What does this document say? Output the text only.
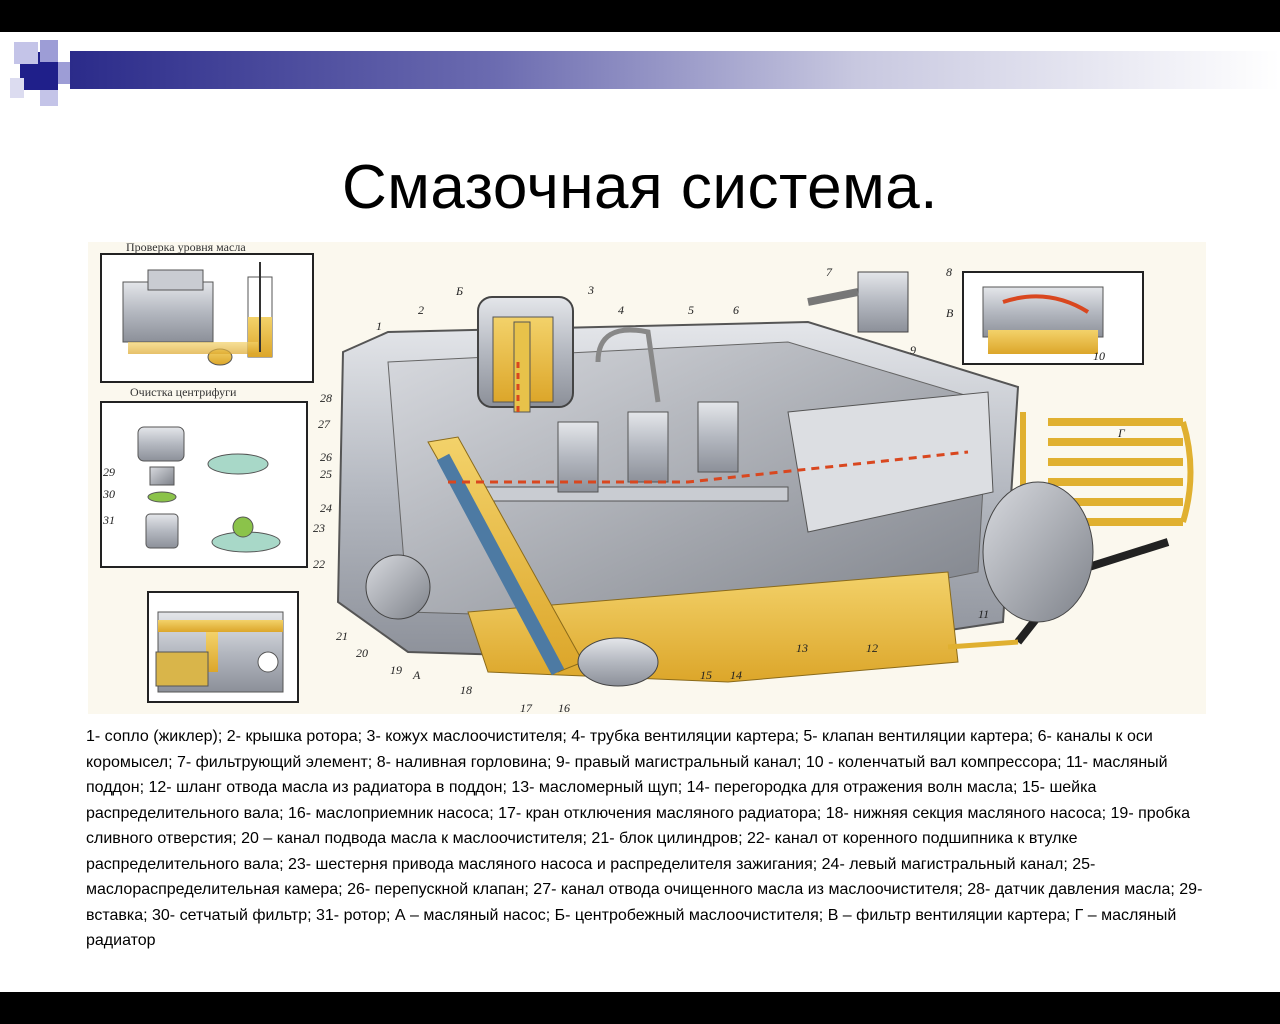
Смазочная система.
1
2
3
4	5	6
7	8
9	10
11
12
13
14
15
16
17
18
19
20
21
22
23
24
25
26
27
28
29
30
31
А
Б
В
Г
Проверка уровня масла
Очистка центрифуги
1- сопло (жиклер); 2- крышка ротора; 3- кожух маслоочистителя; 4- трубка вентиляции картера; 5- клапан вентиляции картера; 6- каналы к оси коромысел; 7- фильтрующий элемент; 8- наливная горловина; 9- правый магистральный канал; 10 - коленчатый вал компрессора; 11- масляный поддон; 12- шланг отвода масла из радиатора в поддон; 13- масломерный щуп; 14- перегородка для отражения волн масла; 15- шейка распределительного вала; 16- маслоприемник насоса; 17- кран отключения масляного радиатора; 18- нижняя секция масляного насоса; 19- пробка сливного отверстия; 20 – канал подвода масла к маслоочистителя; 21- блок цилиндров; 22- канал от коренного подшипника к втулке распределительного вала; 23- шестерня привода масляного насоса и распределителя зажигания; 24- левый магистральный канал; 25- маслораспределительная камера; 26- перепускной клапан; 27- канал отвода очищенного масла из маслоочистителя; 28- датчик давления масла; 29- вставка; 30- сетчатый фильтр; 31- ротор; А – масляный насос; Б- центробежный маслоочистителя; В – фильтр вентиляции картера; Г – масляный радиатор
